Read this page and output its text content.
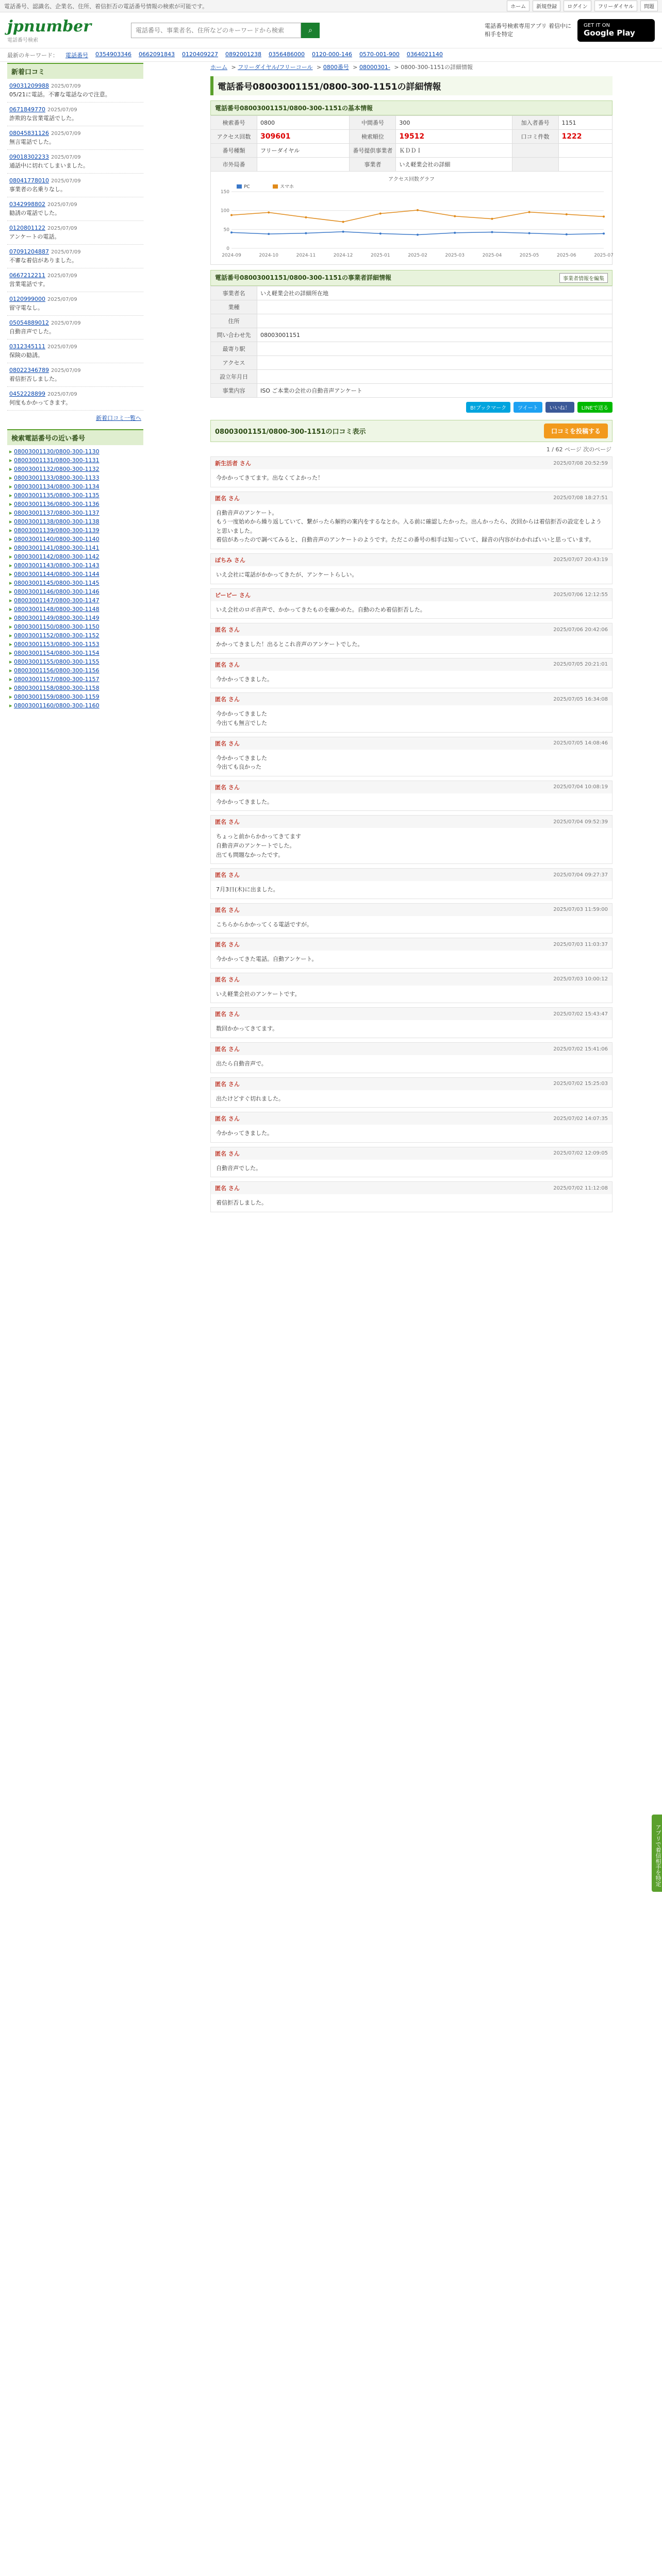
電話番号、認識名、企業名、住所、着信拒否の電話番号情報の検索が可能です。	ホーム	新規登録	ログイン	フリーダイヤル	問題
jpnumber
電話番号検索
電話番号、事業者名、住所などのキーワードから検索
⌕	電話番号検索専用アプリ 着信中に相手を特定
GET IT ON
Google Play
最新のキーワード： 電話番号 0354903346 0662091843 0120409227 0892001238 0356486000 0120-000-146 0570-001-900 0364021140
新着口コミ
09031209988 2025/07/09
05/21に電話。不審な電話なので注意。
0671849770 2025/07/09
詐欺的な営業電話でした。
08045831126 2025/07/09
無言電話でした。
09018302233 2025/07/09
通話中に切れてしまいました。
08041778010 2025/07/09
事業者の名乗りなし。
0342998802 2025/07/09
勧誘の電話でした。
0120801122 2025/07/09
アンケートの電話。
07091204887 2025/07/09
不審な着信がありました。
0667212211 2025/07/09
営業電話です。
0120999000 2025/07/09
留守電なし。
05054889012 2025/07/09
自動音声でした。
0312345111 2025/07/09
保険の勧誘。
08022346789 2025/07/09
着信拒否しました。
0452228899 2025/07/09
何度もかかってきます。
新着口コミ一覧へ
検索電話番号の近い番号
▸ 08003001130/0800-300-1130
▸ 08003001131/0800-300-1131
▸ 08003001132/0800-300-1132
▸ 08003001133/0800-300-1133
▸ 08003001134/0800-300-1134
▸ 08003001135/0800-300-1135
▸ 08003001136/0800-300-1136
▸ 08003001137/0800-300-1137
▸ 08003001138/0800-300-1138
▸ 08003001139/0800-300-1139
▸ 08003001140/0800-300-1140
▸ 08003001141/0800-300-1141
▸ 08003001142/0800-300-1142
▸ 08003001143/0800-300-1143
▸ 08003001144/0800-300-1144
▸ 08003001145/0800-300-1145
▸ 08003001146/0800-300-1146
▸ 08003001147/0800-300-1147
▸ 08003001148/0800-300-1148
▸ 08003001149/0800-300-1149
▸ 08003001150/0800-300-1150
▸ 08003001152/0800-300-1152
▸ 08003001153/0800-300-1153
▸ 08003001154/0800-300-1154
▸ 08003001155/0800-300-1155
▸ 08003001156/0800-300-1156
▸ 08003001157/0800-300-1157
▸ 08003001158/0800-300-1158
▸ 08003001159/0800-300-1159
▸ 08003001160/0800-300-1160
ホーム > フリーダイヤル/フリーコール > 0800番号 > 08000301- > 0800-300-1151の詳細情報
電話番号08003001151/0800-300-1151の詳細情報
電話番号08003001151/0800-300-1151の基本情報
検索番号	0800	中間番号	300	加入者番号	1151
アクセス回数	309601	検索順位	19512	口コミ件数	1222
番号種類	フリーダイヤル	番号提供事業者	ＫＤＤＩ		
市外局番		事業者	いえ軽業会社の詳細		
アクセス回数グラフ
0
50
100
150
2024-09	2024-10	2024-11	2024-12	2025-01	2025-02	2025-03	2025-04	2025-05	2025-06	2025-07
PC	スマホ
電話番号08003001151/0800-300-1151の事業者詳細情報	事業者情報を編集
事業者名	いえ軽業会社の詳細所在地
業種	
住所	
問い合わせ先	08003001151
最寄り駅	
アクセス	
設立年月日	
事業内容	ISO ご本業の会社の自動音声アンケート
B!ブックマーク	ツイート	いいね！	LINEで送る
08003001151/0800-300-1151の口コミ表示	口コミを投稿する
1 / 62 ページ 次のページ
新生活者 さん	2025/07/08 20:52:59
今かかってきてます。出なくてよかった！
匿名 さん	2025/07/08 18:27:51
自動音声のアンケート。
もう一度始めから繰り返していて、繋がったら解約の案内をするなとか。入る前に確認したかった。出んかったら、次回からは着信拒否の設定をしようと思いました。
着信があったので調べてみると、自動音声のアンケートのようです。ただこの番号の相手は知っていて、録音の内容がわかればいいと思っています。
ぽちみ さん	2025/07/07 20:43:19
いえ会社に電話がかかってきたが、アンケートらしい。
ピーピー さん	2025/07/06 12:12:55
いえ会社のロボ音声で、かかってきたものを確かめた。自動のため着信拒否した。
匿名 さん	2025/07/06 20:42:06
かかってきました！出るとこれ音声のアンケートでした。
匿名 さん	2025/07/05 20:21:01
今かかってきました。
匿名 さん	2025/07/05 16:34:08
今かかってきました
今出ても無言でした
匿名 さん	2025/07/05 14:08:46
今かかってきました
今出ても良かった
匿名 さん	2025/07/04 10:08:19
今かかってきました。
匿名 さん	2025/07/04 09:52:39
ちょっと前からかかってきてます
自動音声のアンケートでした。
出ても問題なかったです。
匿名 さん	2025/07/04 09:27:37
7月3日(木)に出ました。
匿名 さん	2025/07/03 11:59:00
こちらからかかってくる電話ですが。
匿名 さん	2025/07/03 11:03:37
今かかってきた電話。自動アンケート。
匿名 さん	2025/07/03 10:00:12
いえ軽業会社のアンケートです。
匿名 さん	2025/07/02 15:43:47
数回かかってきてます。
匿名 さん	2025/07/02 15:41:06
出たら自動音声で。
匿名 さん	2025/07/02 15:25:03
出たけどすぐ切れました。
匿名 さん	2025/07/02 14:07:35
今かかってきました。
匿名 さん	2025/07/02 12:09:05
自動音声でした。
匿名 さん	2025/07/02 11:12:08
着信拒否しました。
アプリで着信相手を特定
